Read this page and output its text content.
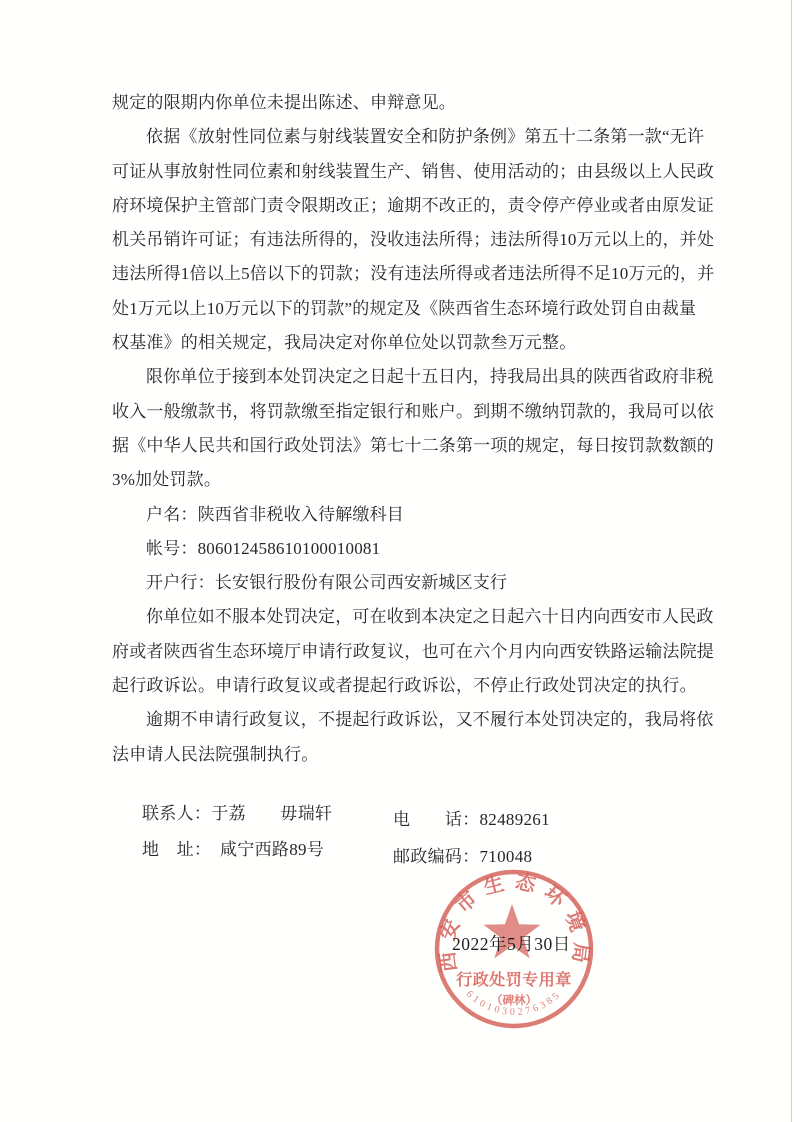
规定的限期内你单位未提出陈述、申辩意见。
依据《放射性同位素与射线装置安全和防护条例》第五十二条第一款“无许
可证从事放射性同位素和射线装置生产、销售、使用活动的；由县级以上人民政
府环境保护主管部门责令限期改正；逾期不改正的，责令停产停业或者由原发证
机关吊销许可证；有违法所得的，没收违法所得；违法所得10万元以上的，并处
违法所得1倍以上5倍以下的罚款；没有违法所得或者违法所得不足10万元的，并
处1万元以上10万元以下的罚款”的规定及《陕西省生态环境行政处罚自由裁量
权基准》的相关规定，我局决定对你单位处以罚款叁万元整。
限你单位于接到本处罚决定之日起十五日内，持我局出具的陕西省政府非税
收入一般缴款书，将罚款缴至指定银行和账户。到期不缴纳罚款的，我局可以依
据《中华人民共和国行政处罚法》第七十二条第一项的规定，每日按罚款数额的
3%加处罚款。
户名：陕西省非税收入待解缴科目
帐号：806012458610100010081
开户行：长安银行股份有限公司西安新城区支行
你单位如不服本处罚决定，可在收到本决定之日起六十日内向西安市人民政
府或者陕西省生态环境厅申请行政复议，也可在六个月内向西安铁路运输法院提
起行政诉讼。申请行政复议或者提起行政诉讼，不停止行政处罚决定的执行。
逾期不申请行政复议，不提起行政诉讼，又不履行本处罚决定的，我局将依
法申请人民法院强制执行。
联系人：于荔　　毋瑞轩	电　　话：82489261
地　址：　咸宁西路89号	邮政编码：710048
西安市生态环境局
行政处罚专用章
（碑林）
6101030276385
2022年5月30日
